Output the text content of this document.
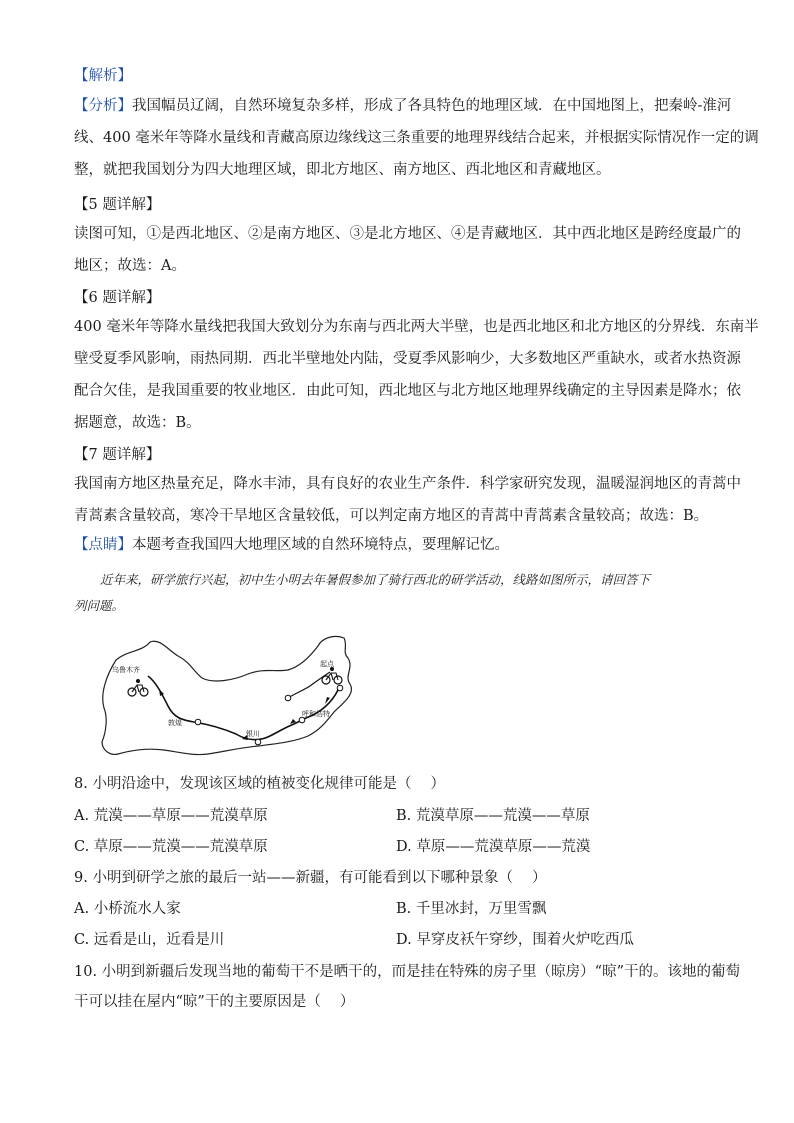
【解析】
【分析】我国幅员辽阔，自然环境复杂多样，形成了各具特色的地理区域．在中国地图上，把秦岭-淮河
线、400 毫米年等降水量线和青藏高原边缘线这三条重要的地理界线结合起来，并根据实际情况作一定的调
整，就把我国划分为四大地理区域，即北方地区、南方地区、西北地区和青藏地区。
【5 题详解】
读图可知，①是西北地区、②是南方地区、③是北方地区、④是青藏地区．其中西北地区是跨经度最广的
地区；故选：A。
【6 题详解】
400 毫米年等降水量线把我国大致划分为东南与西北两大半壁，也是西北地区和北方地区的分界线．东南半
壁受夏季风影响，雨热同期．西北半壁地处内陆，受夏季风影响少，大多数地区严重缺水，或者水热资源
配合欠佳，是我国重要的牧业地区．由此可知，西北地区与北方地区地理界线确定的主导因素是降水；依
据题意，故选：B。
【7 题详解】
我国南方地区热量充足，降水丰沛，具有良好的农业生产条件．科学家研究发现，温暖湿润地区的青蒿中
青蒿素含量较高，寒冷干旱地区含量较低，可以判定南方地区的青蒿中青蒿素含量较高；故选：B。
【点睛】本题考查我国四大地理区域的自然环境特点，要理解记忆。
近年来，研学旅行兴起，初中生小明去年暑假参加了骑行西北的研学活动，线路如图所示，请回答下
列问题。
起点
乌鲁木齐
敦煌
银川
呼和浩特
8. 小明沿途中，发现该区域的植被变化规律可能是（　 ）
A. 荒漠——草原——荒漠草原	B. 荒漠草原——荒漠——草原
C. 草原——荒漠——荒漠草原	D. 草原——荒漠草原——荒漠
9. 小明到研学之旅的最后一站——新疆，有可能看到以下哪种景象（　 ）
A. 小桥流水人家	B. 千里冰封，万里雪飘
C. 远看是山，近看是川	D. 早穿皮袄午穿纱，围着火炉吃西瓜
10. 小明到新疆后发现当地的葡萄干不是晒干的，而是挂在特殊的房子里（晾房）“晾”干的。该地的葡萄
干可以挂在屋内“晾”干的主要原因是（　 ）
